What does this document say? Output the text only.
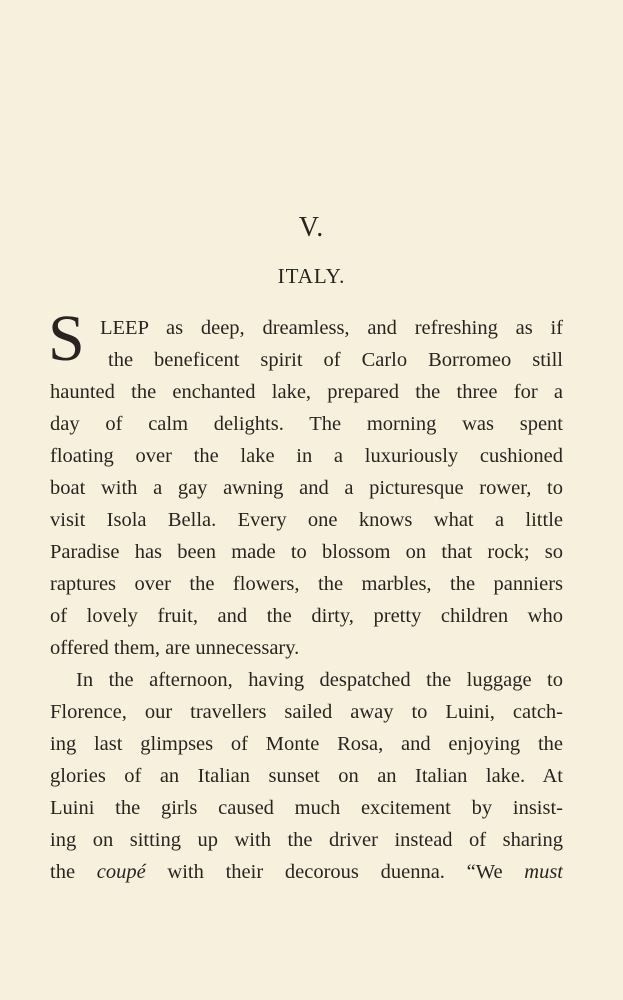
V.
ITALY.
S LEEP as deep, dreamless, and refreshing as if
the beneficent spirit of Carlo Borromeo still
haunted the enchanted lake, prepared the three for a
day of calm delights. The morning was spent
floating over the lake in a luxuriously cushioned
boat with a gay awning and a picturesque rower, to
visit Isola Bella. Every one knows what a little
Paradise has been made to blossom on that rock; so
raptures over the flowers, the marbles, the panniers
of lovely fruit, and the dirty, pretty children who
offered them, are unnecessary.
In the afternoon, having despatched the luggage to
Florence, our travellers sailed away to Luini, catch-
ing last glimpses of Monte Rosa, and enjoying the
glories of an Italian sunset on an Italian lake. At
Luini the girls caused much excitement by insist-
ing on sitting up with the driver instead of sharing
the coupé with their decorous duenna. “We must
